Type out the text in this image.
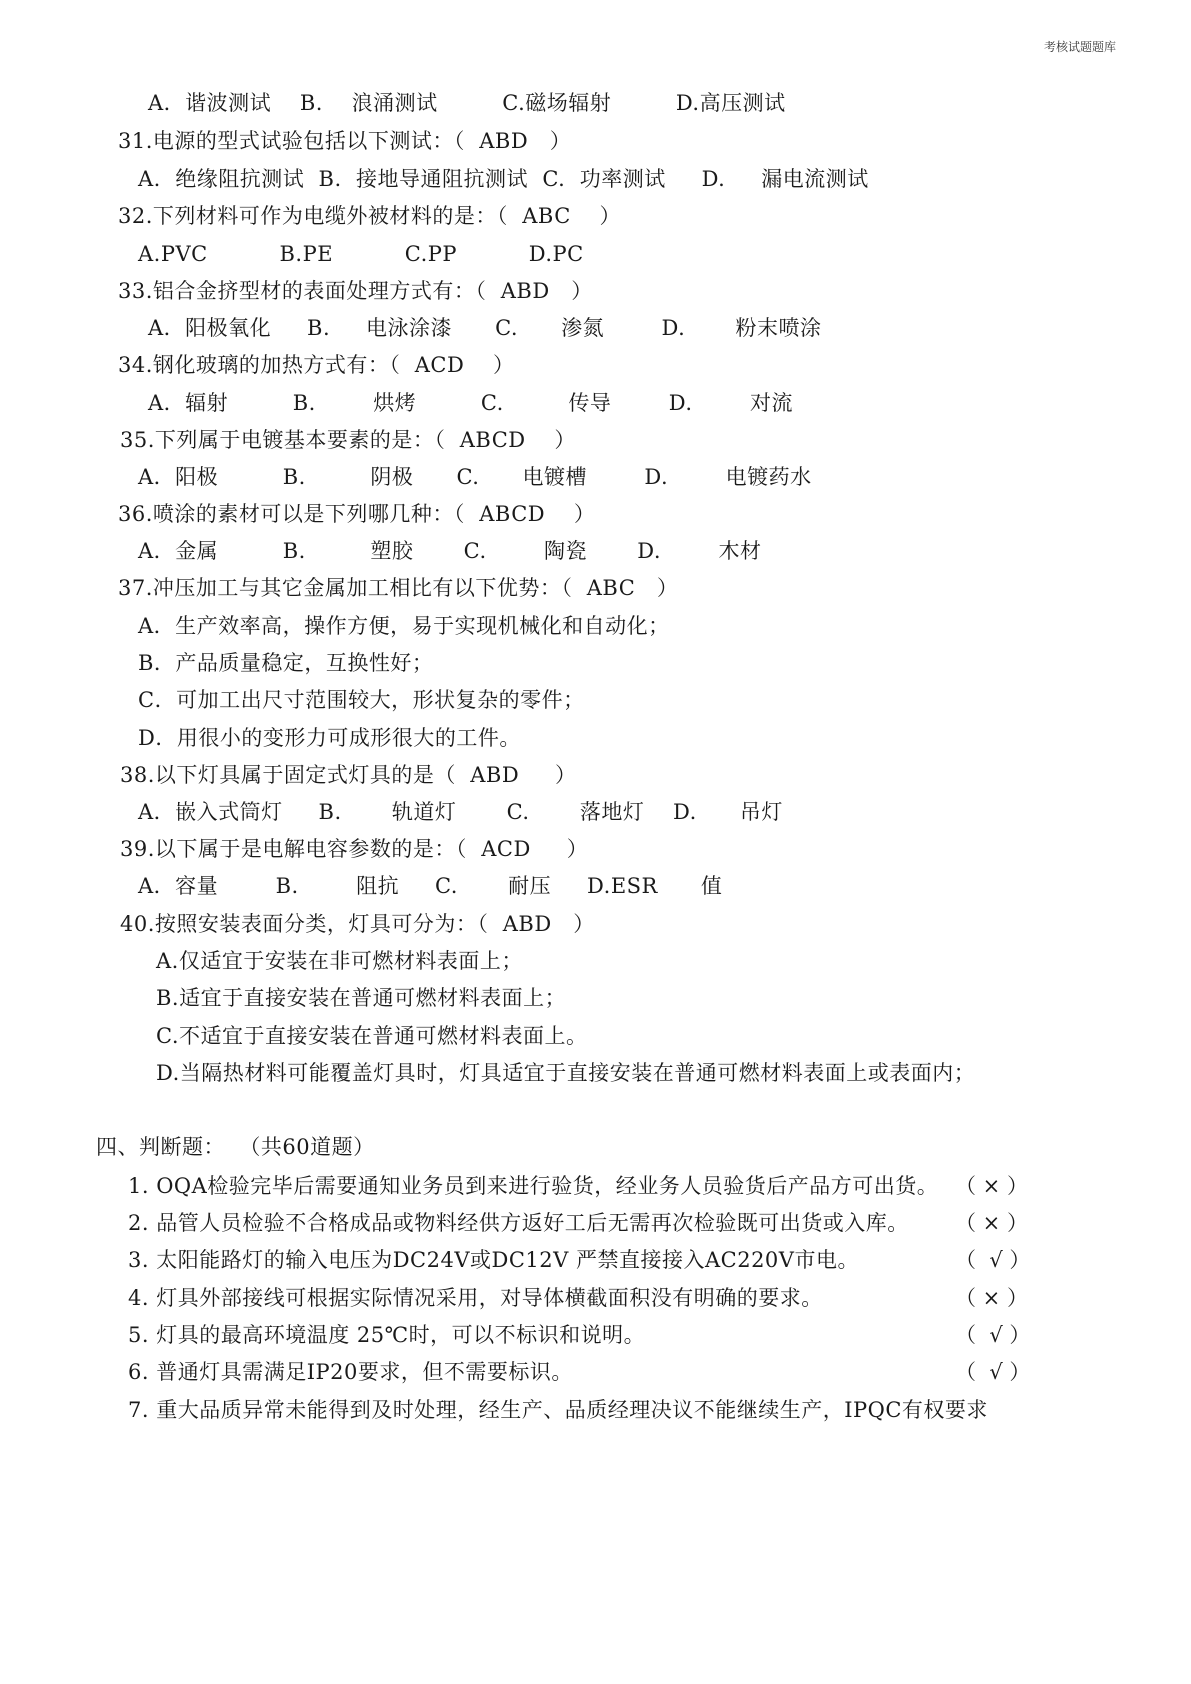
考核试题题库
A．谐波测试    B.    浪涌测试         C.磁场辐射         D.高压测试
31.电源的型式试验包括以下测试：（  ABD   ）
A.  绝缘阻抗测试  B.  接地导通阻抗测试  C.  功率测试     D.     漏电流测试
32.下列材料可作为电缆外被材料的是：（  ABC    ）
A.PVC          B.PE          C.PP          D.PC
33.铝合金挤型材的表面处理方式有：（  ABD   ）
A．阳极氧化     B.     电泳涂漆      C.      渗氮        D.       粉末喷涂
34.钢化玻璃的加热方式有：（  ACD    ）
A．辐射         B.        烘烤         C.         传导        D.        对流
35.下列属于电镀基本要素的是：（  ABCD    ）
A．阳极         B.         阴极      C.      电镀槽        D.        电镀药水
36.喷涂的素材可以是下列哪几种：（  ABCD    ）
A．金属         B.         塑胶       C.        陶瓷       D.        木材
37.冲压加工与其它金属加工相比有以下优势：（  ABC   ）
A．生产效率高，操作方便，易于实现机械化和自动化；
B．产品质量稳定，互换性好；
C．可加工出尺寸范围较大，形状复杂的零件；
D．用很小的变形力可成形很大的工件。
38.以下灯具属于固定式灯具的是（  ABD     ）
A．嵌入式筒灯     B.       轨道灯       C.       落地灯    D.      吊灯
39.以下属于是电解电容参数的是：（  ACD     ）
A．容量        B.        阻抗     C.       耐压     D.ESR      值
40.按照安装表面分类，灯具可分为：（  ABD   ）
A.仅适宜于安装在非可燃材料表面上；
B.适宜于直接安装在普通可燃材料表面上；
C.不适宜于直接安装在普通可燃材料表面上。
D.当隔热材料可能覆盖灯具时，灯具适宜于直接安装在普通可燃材料表面上或表面内；
四、判断题：  （共60道题）
1. OQA检验完毕后需要通知业务员到来进行验货，经业务人员验货后产品方可出货。 （ × ）
2. 品管人员检验不合格成品或物料经供方返好工后无需再次检验既可出货或入库。 （ × ）
3. 太阳能路灯的输入电压为DC24V或DC12V 严禁直接接入AC220V市电。	（  √ ）
4. 灯具外部接线可根据实际情况采用，对导体横截面积没有明确的要求。	（ × ）
5. 灯具的最高环境温度 25℃时，可以不标识和说明。	（  √ ）
6. 普通灯具需满足IP20要求，但不需要标识。	（  √ ）
7. 重大品质异常未能得到及时处理，经生产、品质经理决议不能继续生产，IPQC有权要求
